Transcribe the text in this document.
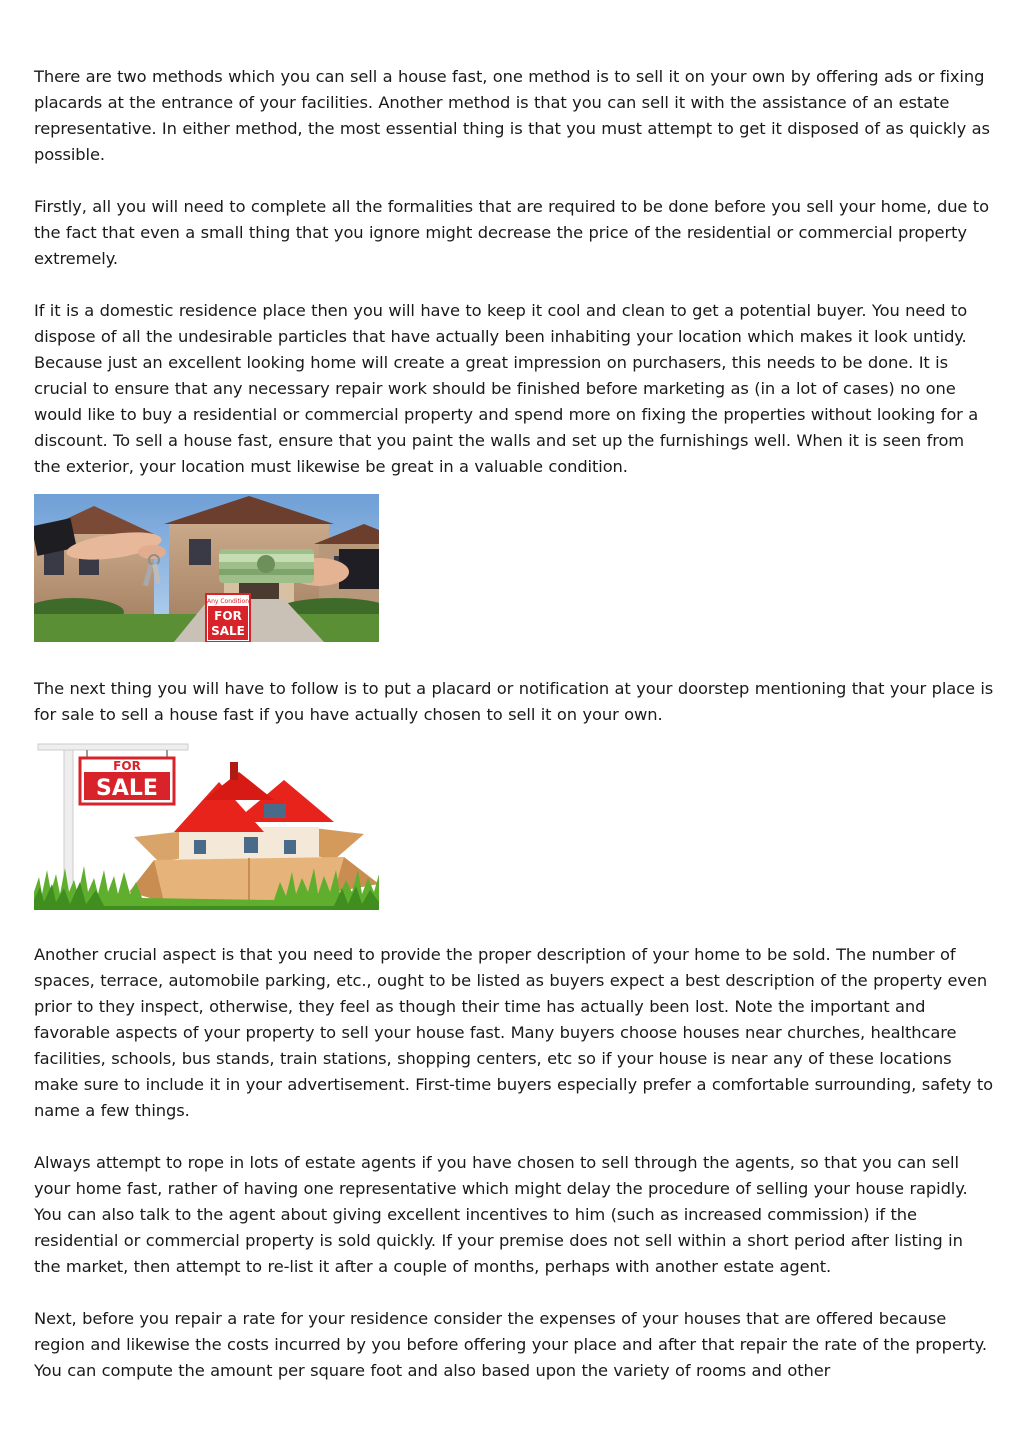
There are two methods which you can sell a house fast, one method is to sell it on your own by offering ads or fixing placards at the entrance of your facilities. Another method is that you can sell it with the assistance of an estate representative. In either method, the most essential thing is that you must attempt to get it disposed of as quickly as possible.

Firstly, all you will need to complete all the formalities that are required to be done before you sell your home, due to the fact that even a small thing that you ignore might decrease the price of the residential or commercial property extremely.

If it is a domestic residence place then you will have to keep it cool and clean to get a potential buyer. You need to dispose of all the undesirable particles that have actually been inhabiting your location which makes it look untidy. Because just an excellent looking home will create a great impression on purchasers, this needs to be done. It is crucial to ensure that any necessary repair work should be finished before marketing as (in a lot of cases) no one would like to buy a residential or commercial property and spend more on fixing the properties without looking for a discount. To sell a house fast, ensure that you paint the walls and set up the furnishings well. When it is seen from the exterior, your location must likewise be great in a valuable condition.

Any Condition
FOR
SALE

The next thing you will have to follow is to put a placard or notification at your doorstep mentioning that your place is for sale to sell a house fast if you have actually chosen to sell it on your own.

FOR
SALE

Another crucial aspect is that you need to provide the proper description of your home to be sold. The number of spaces, terrace, automobile parking, etc., ought to be listed as buyers expect a best description of the property even prior to they inspect, otherwise, they feel as though their time has actually been lost. Note the important and favorable aspects of your property to sell your house fast. Many buyers choose houses near churches, healthcare facilities, schools, bus stands, train stations, shopping centers, etc so if your house is near any of these locations make sure to include it in your advertisement. First-time buyers especially prefer a comfortable surrounding, safety to name a few things.

Always attempt to rope in lots of estate agents if you have chosen to sell through the agents, so that you can sell your home fast, rather of having one representative which might delay the procedure of selling your house rapidly. You can also talk to the agent about giving excellent incentives to him (such as increased commission) if the residential or commercial property is sold quickly. If your premise does not sell within a short period after listing in the market, then attempt to re-list it after a couple of months, perhaps with another estate agent.

Next, before you repair a rate for your residence consider the expenses of your houses that are offered because region and likewise the costs incurred by you before offering your place and after that repair the rate of the property. You can compute the amount per square foot and also based upon the variety of rooms and other
